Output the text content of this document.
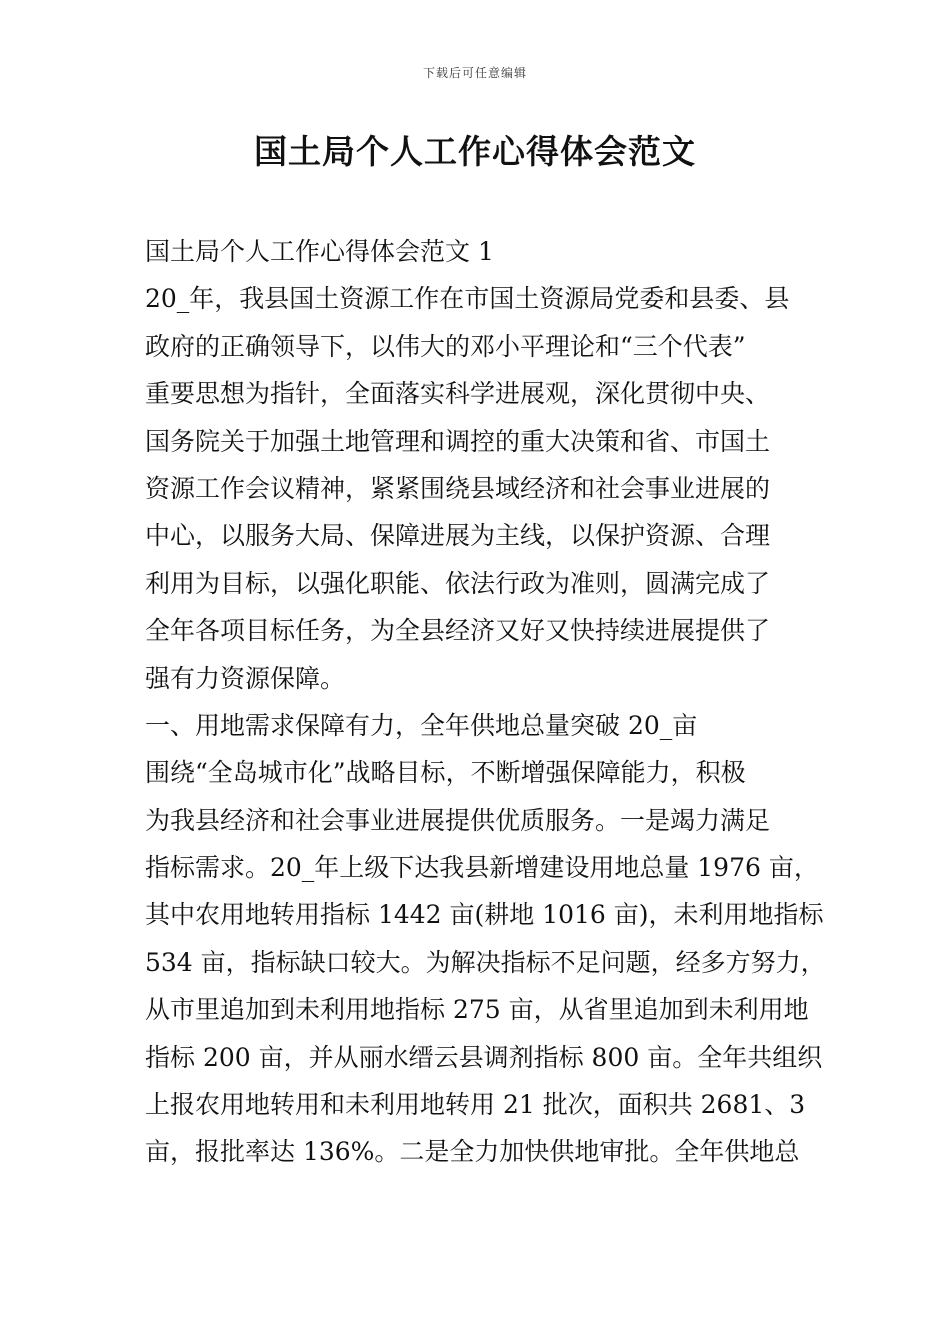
下载后可任意编辑
国土局个人工作心得体会范文
国土局个人工作心得体会范文 1
20_年，我县国土资源工作在市国土资源局党委和县委、县
政府的正确领导下，以伟大的邓小平理论和“三个代表”
重要思想为指针，全面落实科学进展观，深化贯彻中央、
国务院关于加强土地管理和调控的重大决策和省、市国土
资源工作会议精神，紧紧围绕县域经济和社会事业进展的
中心，以服务大局、保障进展为主线，以保护资源、合理
利用为目标，以强化职能、依法行政为准则，圆满完成了
全年各项目标任务，为全县经济又好又快持续进展提供了
强有力资源保障。
一、用地需求保障有力，全年供地总量突破 20_亩
围绕“全岛城市化”战略目标，不断增强保障能力，积极
为我县经济和社会事业进展提供优质服务。一是竭力满足
指标需求。20_年上级下达我县新增建设用地总量 1976 亩，
其中农用地转用指标 1442 亩(耕地 1016 亩)，未利用地指标
534 亩，指标缺口较大。为解决指标不足问题，经多方努力，
从市里追加到未利用地指标 275 亩，从省里追加到未利用地
指标 200 亩，并从丽水缙云县调剂指标 800 亩。全年共组织
上报农用地转用和未利用地转用 21 批次，面积共 2681、3
亩，报批率达 136%。二是全力加快供地审批。全年供地总
